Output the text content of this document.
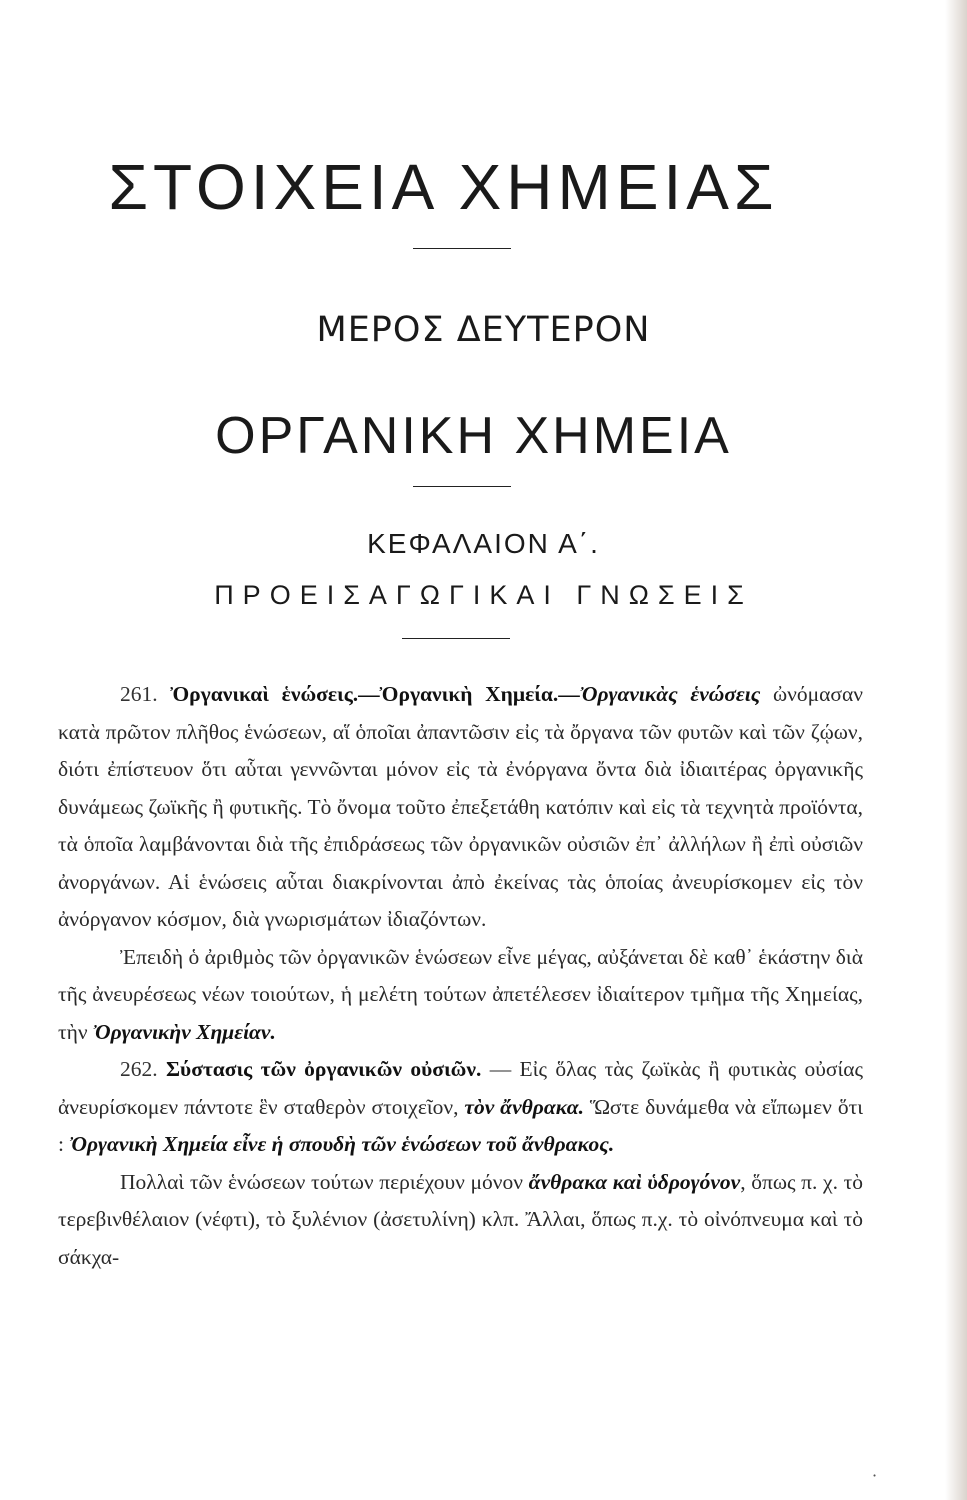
ΣΤΟΙΧΕΙΑ ΧΗΜΕΙΑΣ
ΜΕΡΟΣ ΔΕΥΤΕΡΟΝ
ΟΡΓΑΝΙΚΗ ΧΗΜΕΙΑ
ΚΕΦΑΛΑΙΟΝ Α΄.
ΠΡΟΕΙΣΑΓΩΓΙΚΑΙ ΓΝΩΣΕΙΣ

261. Ὀργανικαὶ ἑνώσεις.—Ὀργανικὴ Χημεία.—Ὀργανικὰς ἑνώσεις ὠνόμασαν κατὰ πρῶτον πλῆθος ἑνώσεων, αἵ ὁποῖαι ἀπαντῶσιν εἰς τὰ ὄργανα τῶν φυτῶν καὶ τῶν ζῴων, διότι ἐπίστευον ὅτι αὗται γεννῶνται μόνον εἰς τὰ ἐνόργανα ὄντα διὰ ἰδιαιτέρας ὀργανικῆς δυνάμεως ζωϊκῆς ἢ φυτικῆς. Τὸ ὄνομα τοῦτο ἐπεξετάθη κατόπιν καὶ εἰς τὰ τεχνητὰ προϊόντα, τὰ ὁποῖα λαμβάνονται διὰ τῆς ἐπιδράσεως τῶν ὀργανικῶν οὐσιῶν ἐπ᾽ ἀλλήλων ἢ ἐπὶ οὐσιῶν ἀνοργάνων. Αἱ ἑνώσεις αὗται διακρίνονται ἀπὸ ἐκείνας τὰς ὁποίας ἀνευρίσκομεν εἰς τὸν ἀνόργανον κόσμον, διὰ γνωρισμάτων ἰδιαζόντων.

Ἐπειδὴ ὁ ἀριθμὸς τῶν ὀργανικῶν ἑνώσεων εἶνε μέγας, αὐξάνεται δὲ καθ᾽ ἑκάστην διὰ τῆς ἀνευρέσεως νέων τοιούτων, ἡ μελέτη τούτων ἀπετέλεσεν ἰδιαίτερον τμῆμα τῆς Χημείας, τὴν Ὀργανικὴν Χημείαν.

262. Σύστασις τῶν ὀργανικῶν οὐσιῶν. — Εἰς ὅλας τὰς ζωϊκὰς ἢ φυτικὰς οὐσίας ἀνευρίσκομεν πάντοτε ἓν σταθερὸν στοιχεῖον, τὸν ἄνθρακα. Ὥστε δυνάμεθα νὰ εἴπωμεν ὅτι : Ὀργανικὴ Χημεία εἶνε ἡ σπουδὴ τῶν ἑνώσεων τοῦ ἄνθρακος.

Πολλαὶ τῶν ἑνώσεων τούτων περιέχουν μόνον ἄνθρακα καὶ ὑδρογόνον, ὅπως π. χ. τὸ τερεβινθέλαιον (νέφτι), τὸ ξυλένιον (ἀσετυλίνη) κλπ. Ἄλλαι, ὅπως π.χ. τὸ οἰνόπνευμα καὶ τὸ σάκχα-

·
